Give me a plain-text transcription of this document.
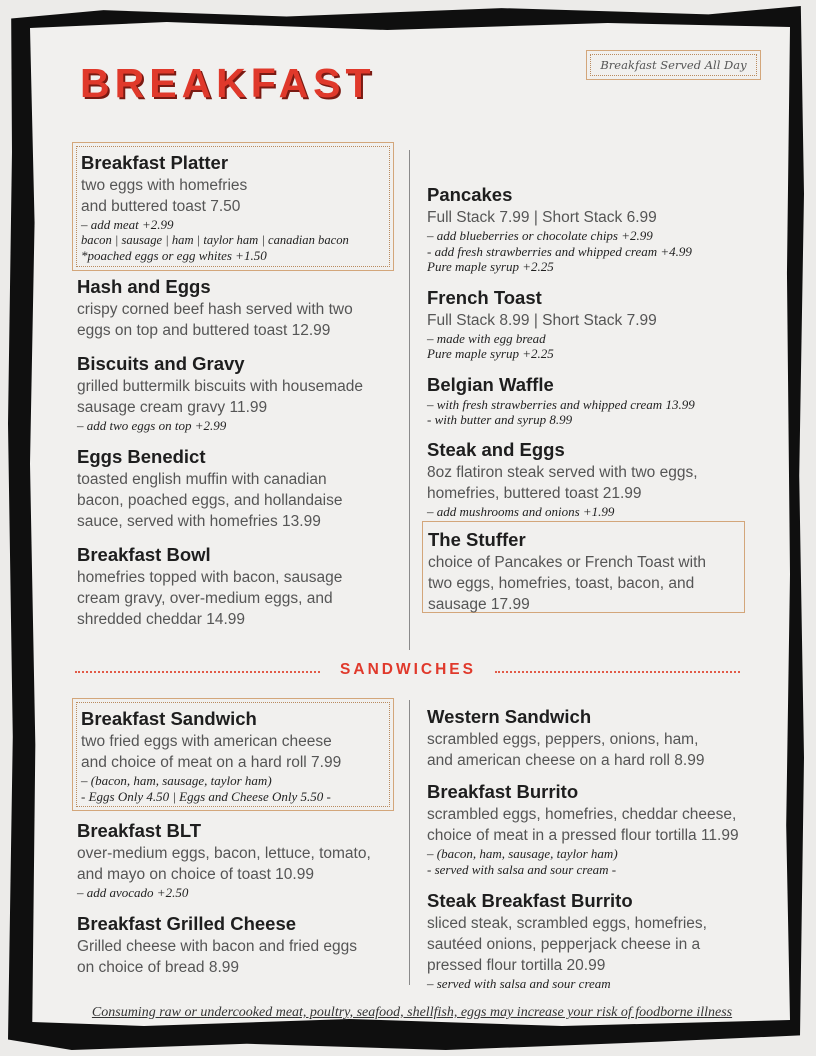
BREAKFAST	Breakfast Served All Day
Breakfast Platter

two eggs with homefries

and buttered toast 7.50

– add meat +2.99

bacon | sausage | ham | taylor ham | canadian bacon

*poached eggs or egg whites +1.50

Hash and Eggs

crispy corned beef hash served with two

eggs on top and buttered toast 12.99

Biscuits and Gravy

grilled buttermilk biscuits with housemade

sausage cream gravy 11.99

– add two eggs on top +2.99

Eggs Benedict

toasted english muffin with canadian

bacon, poached eggs, and hollandaise

sauce, served with homefries 13.99

Breakfast Bowl

homefries topped with bacon, sausage

cream gravy, over-medium eggs, and

shredded cheddar 14.99

Pancakes

Full Stack 7.99 | Short Stack 6.99

– add blueberries or chocolate chips +2.99

- add fresh strawberries and whipped cream +4.99

Pure maple syrup +2.25

French Toast

Full Stack 8.99 | Short Stack 7.99

– made with egg bread

Pure maple syrup +2.25

Belgian Waffle

– with fresh strawberries and whipped cream 13.99

- with butter and syrup 8.99

Steak and Eggs

8oz flatiron steak served with two eggs,

homefries, buttered toast 21.99

– add mushrooms and onions +1.99

The Stuffer

choice of Pancakes or French Toast with

two eggs, homefries, toast, bacon, and

sausage 17.99

SANDWICHES
Breakfast Sandwich

two fried eggs with american cheese

and choice of meat on a hard roll 7.99

– (bacon, ham, sausage, taylor ham)

- Eggs Only 4.50 | Eggs and Cheese Only 5.50 -

Breakfast BLT

over-medium eggs, bacon, lettuce, tomato,

and mayo on choice of toast 10.99

– add avocado +2.50

Breakfast Grilled Cheese

Grilled cheese with bacon and fried eggs

on choice of bread 8.99

Western Sandwich

scrambled eggs, peppers, onions, ham,

and american cheese on a hard roll 8.99

Breakfast Burrito

scrambled eggs, homefries, cheddar cheese,

choice of meat in a pressed flour tortilla 11.99

– (bacon, ham, sausage, taylor ham)

- served with salsa and sour cream -

Steak Breakfast Burrito

sliced steak, scrambled eggs, homefries,

sautéed onions, pepperjack cheese in a

pressed flour tortilla 20.99

– served with salsa and sour cream

Consuming raw or undercooked meat, poultry, seafood, shellfish, eggs may increase your risk of foodborne illness
